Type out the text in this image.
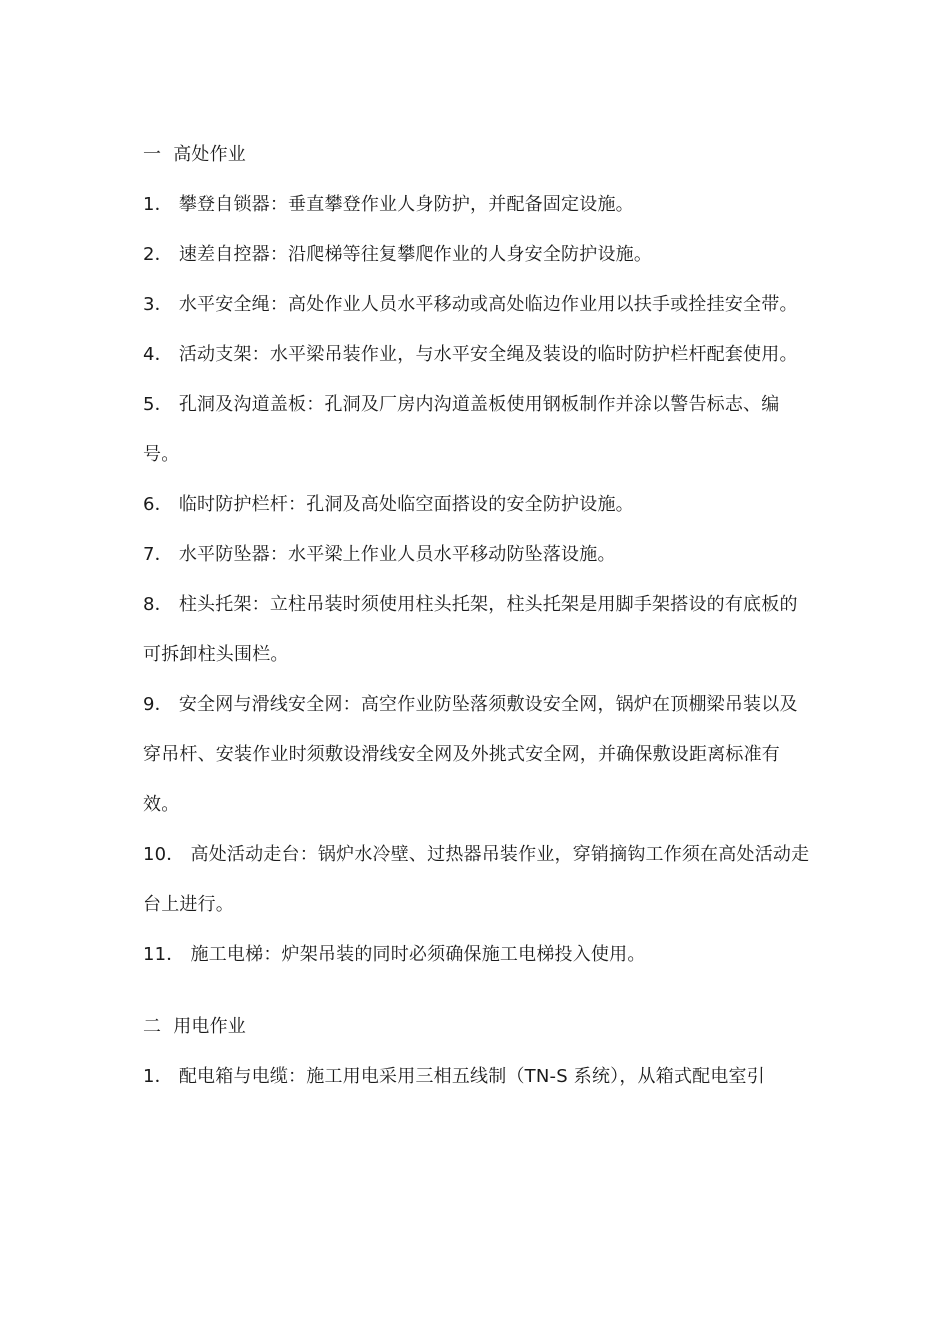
一 高处作业

1． 攀登自锁器：垂直攀登作业人身防护，并配备固定设施。

2． 速差自控器：沿爬梯等往复攀爬作业的人身安全防护设施。

3． 水平安全绳：高处作业人员水平移动或高处临边作业用以扶手或拴挂安全带。

4． 活动支架：水平梁吊装作业，与水平安全绳及装设的临时防护栏杆配套使用。

5． 孔洞及沟道盖板：孔洞及厂房内沟道盖板使用钢板制作并涂以警告标志、编号。

6． 临时防护栏杆：孔洞及高处临空面搭设的安全防护设施。

7． 水平防坠器：水平梁上作业人员水平移动防坠落设施。

8． 柱头托架：立柱吊装时须使用柱头托架，柱头托架是用脚手架搭设的有底板的可拆卸柱头围栏。

9． 安全网与滑线安全网：高空作业防坠落须敷设安全网，锅炉在顶棚梁吊装以及穿吊杆、安装作业时须敷设滑线安全网及外挑式安全网，并确保敷设距离标准有效。

10． 高处活动走台：锅炉水冷壁、过热器吊装作业，穿销摘钩工作须在高处活动走台上进行。

11． 施工电梯：炉架吊装的同时必须确保施工电梯投入使用。

二 用电作业

1． 配电箱与电缆：施工用电采用三相五线制（TN-S 系统），从箱式配电室引
